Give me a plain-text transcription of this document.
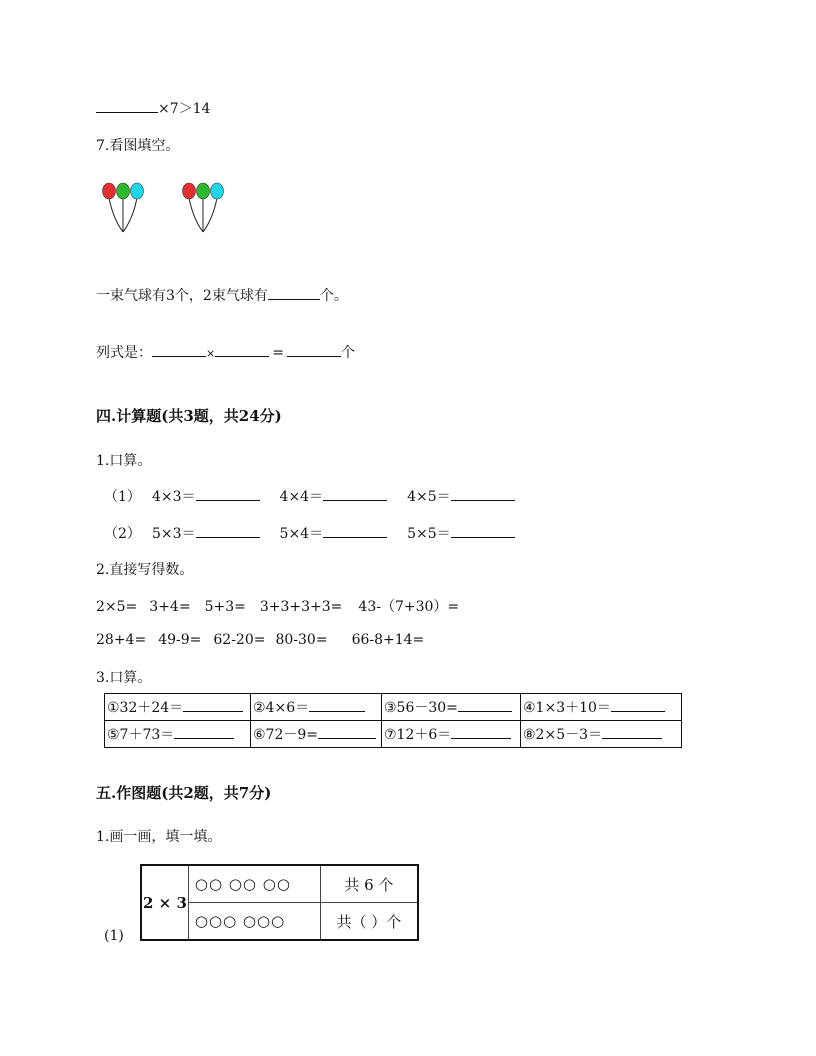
×7＞14
7.看图填空。
一束气球有3个，2束气球有	个。
列式是：	×	=	个
四.计算题(共3题，共24分)
1.口算。
（1） 4×3＝	4×4＝	4×5＝
（2） 5×3＝	5×4＝	5×5＝
2.直接写得数。
2×5= 3+4= 5+3= 3+3+3+3= 43-（7+30）=
28+4= 49-9= 62-20= 80-30= 66-8+14=
3.口算。
①32＋24＝	②4×6＝	③56－30=	④1×3＋10＝
⑤7＋73＝	⑥72－9=	⑦12＋6＝	⑧2×5－3＝
五.作图题(共2题，共7分)
1.画一画，填一填。
2 × 3	○○ ○○ ○○	共 6 个
	○○○ ○○○	共（ ）个
(1)
